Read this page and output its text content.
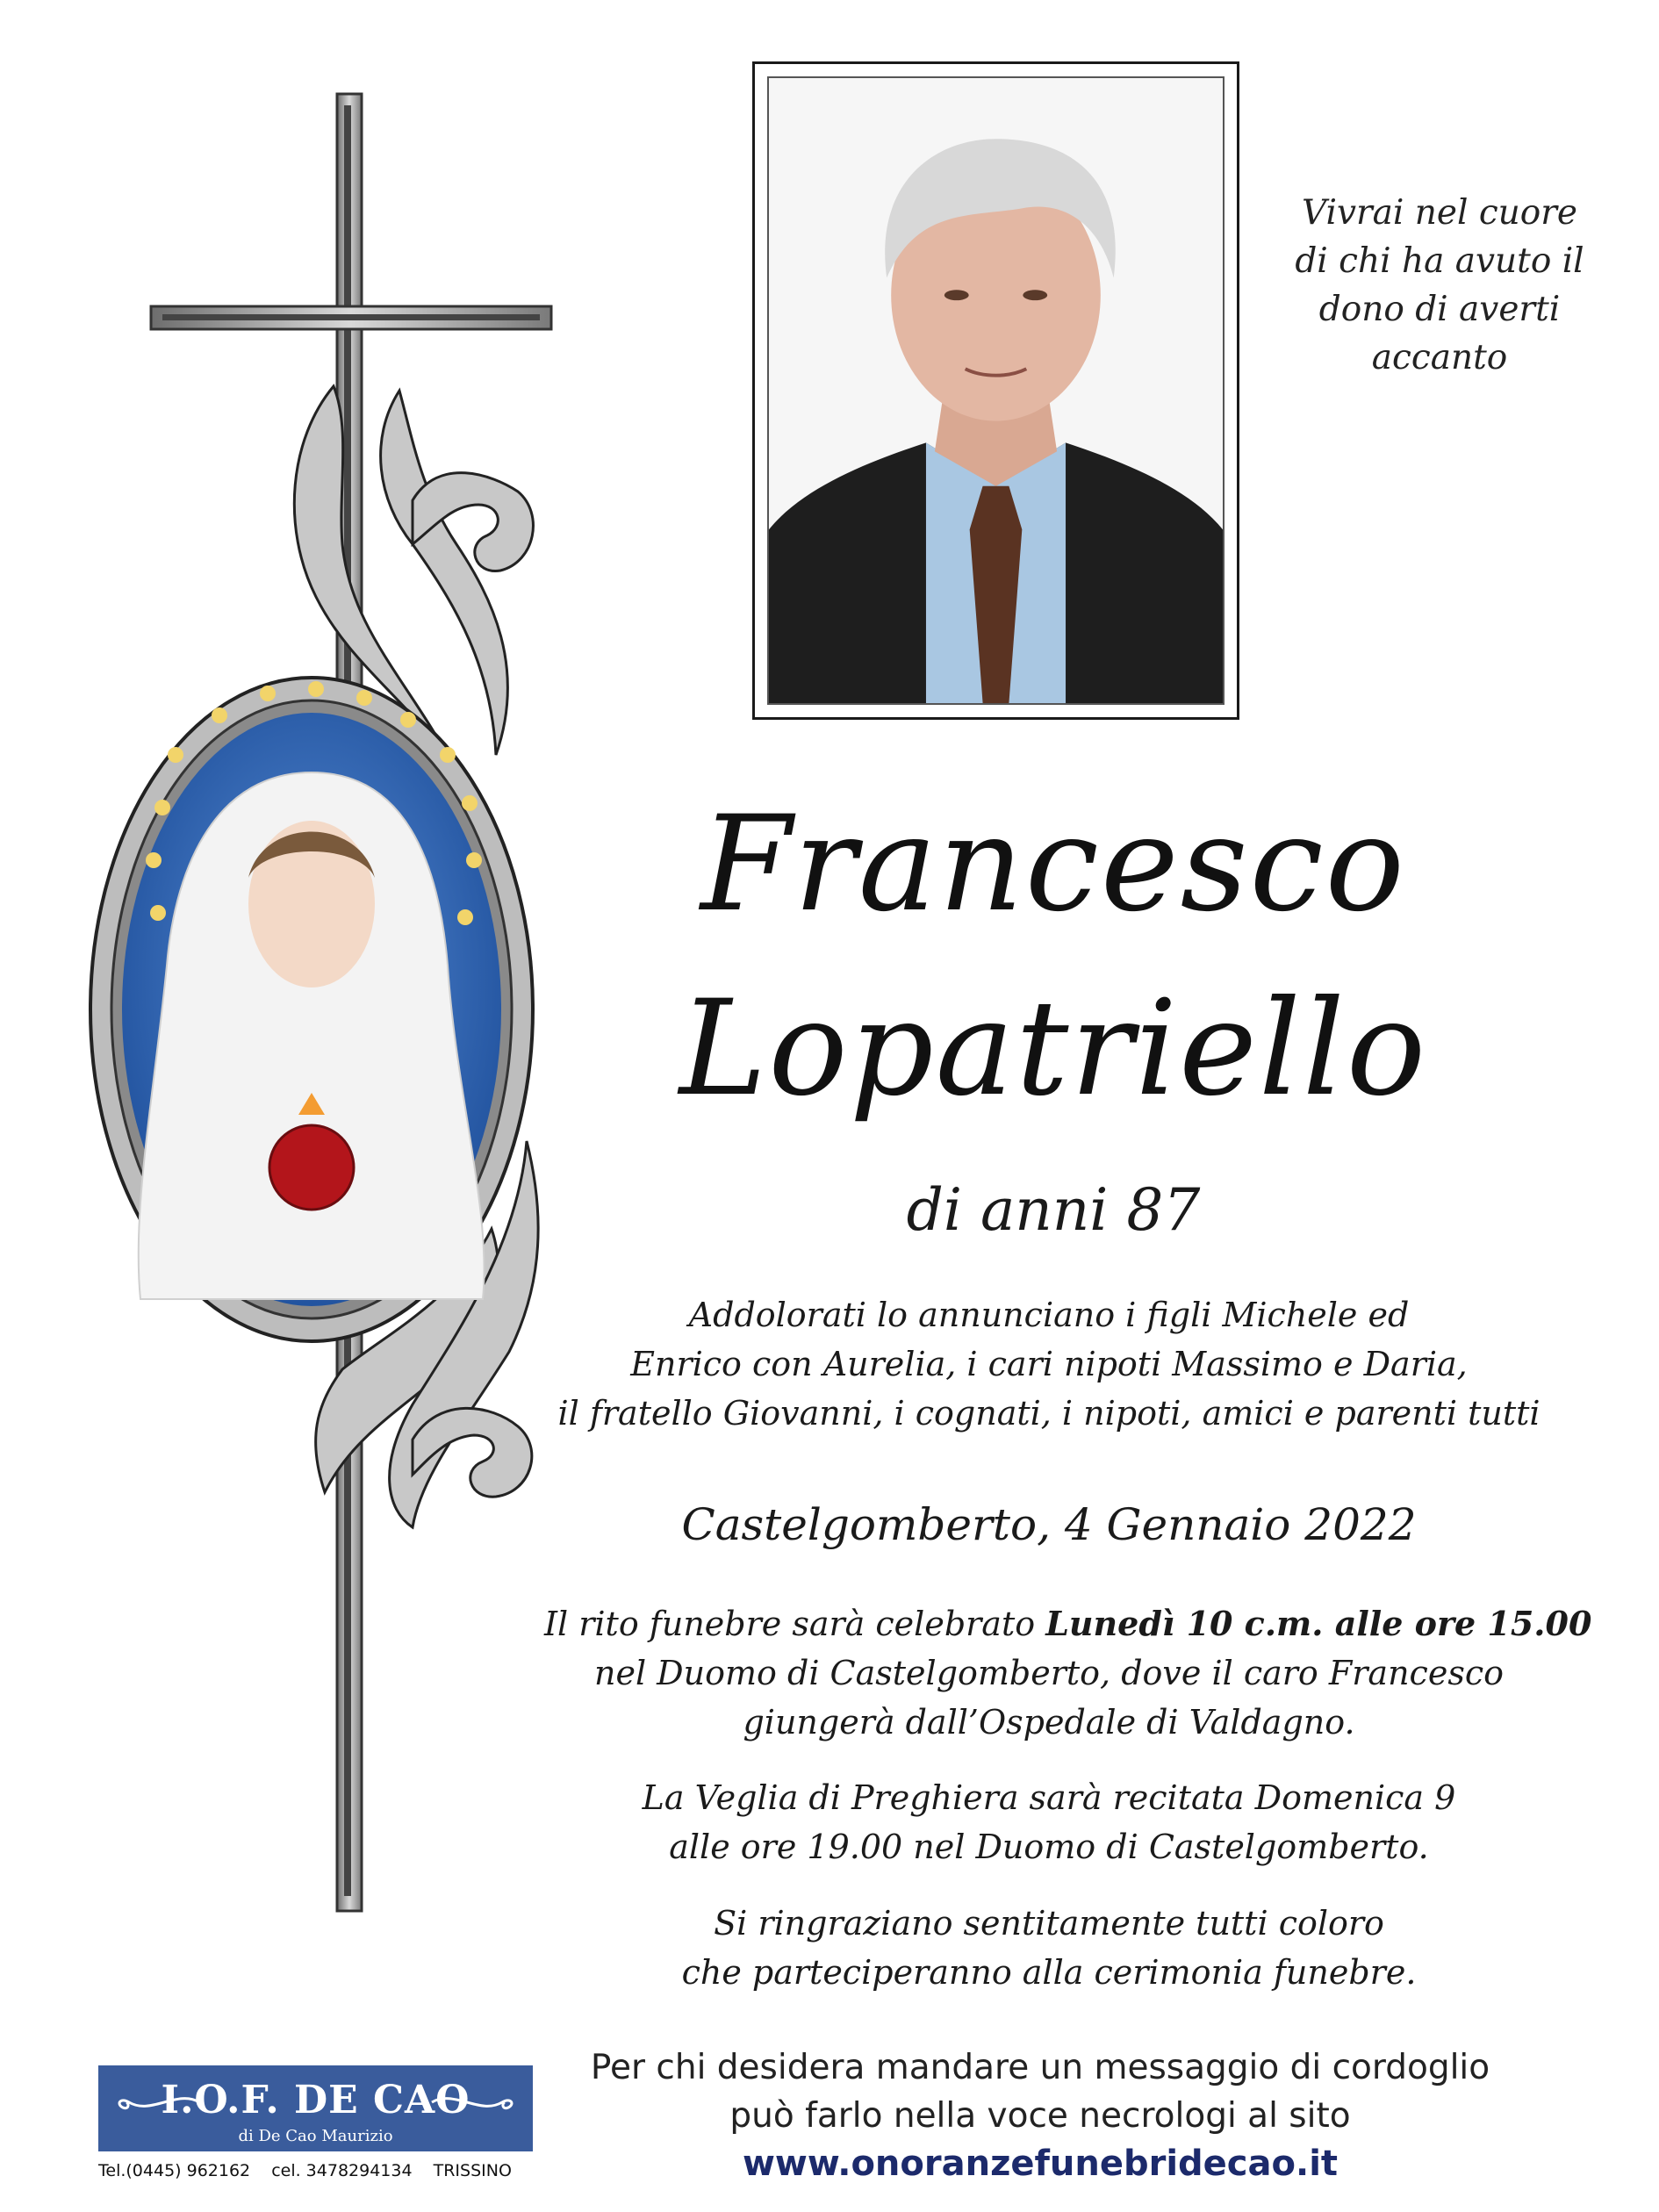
Vivrai nel cuore
di chi ha avuto il
dono di averti
accanto
Francesco
Lopatriello
di anni 87
Addolorati lo annunciano i figli Michele ed
Enrico con Aurelia, i cari nipoti Massimo e Daria,
il fratello Giovanni, i cognati, i nipoti, amici e parenti tutti
Castelgomberto, 4 Gennaio 2022
Il rito funebre sarà celebrato Lunedì 10 c.m. alle ore 15.00
nel Duomo di Castelgomberto, dove il caro Francesco
giungerà dall’Ospedale di Valdagno.
La Veglia di Preghiera sarà recitata Domenica 9
alle ore 19.00 nel Duomo di Castelgomberto.
Si ringraziano sentitamente tutti coloro
che parteciperanno alla cerimonia funebre.
Per chi desidera mandare un messaggio di cordoglio
può farlo nella voce necrologi al sito
www.onoranzefunebridecao.it
I.O.F. DE CAO
di De Cao Maurizio
Tel.(0445) 962162 cel. 3478294134 TRISSINO
